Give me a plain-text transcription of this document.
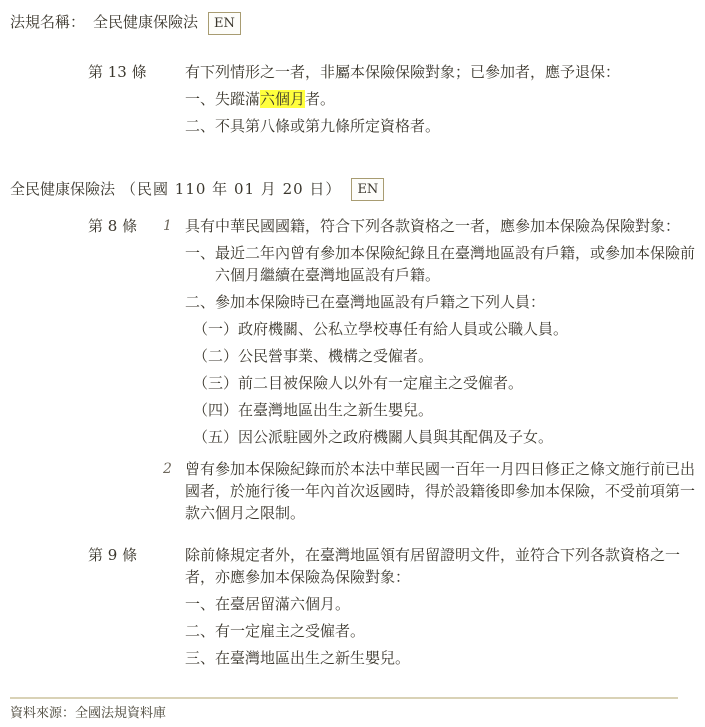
法規名稱： 全民健康保險法 EN
第 13 條	有下列情形之一者，非屬本保險保險對象；已參加者，應予退保：

一、失蹤滿六個月者。

二、不具第八條或第九條所定資格者。

全民健康保險法 （民國 110 年 01 月 20 日） EN
第 8 條	1 具有中華民國國籍，符合下列各款資格之一者，應參加本保險為保險對象：

一、最近二年內曾有參加本保險紀錄且在臺灣地區設有戶籍，或參加本保險前六個月繼續在臺灣地區設有戶籍。

二、參加本保險時已在臺灣地區設有戶籍之下列人員：

（一）政府機關、公私立學校專任有給人員或公職人員。

（二）公民營事業、機構之受僱者。

（三）前二目被保險人以外有一定雇主之受僱者。

（四）在臺灣地區出生之新生嬰兒。

（五）因公派駐國外之政府機關人員與其配偶及子女。

2 曾有參加本保險紀錄而於本法中華民國一百年一月四日修正之條文施行前已出國者，於施行後一年內首次返國時，得於設籍後即參加本保險，不受前項第一款六個月之限制。

第 9 條	除前條規定者外，在臺灣地區領有居留證明文件，並符合下列各款資格之一者，亦應參加本保險為保險對象：

一、在臺居留滿六個月。

二、有一定雇主之受僱者。

三、在臺灣地區出生之新生嬰兒。

資料來源：全國法規資料庫
